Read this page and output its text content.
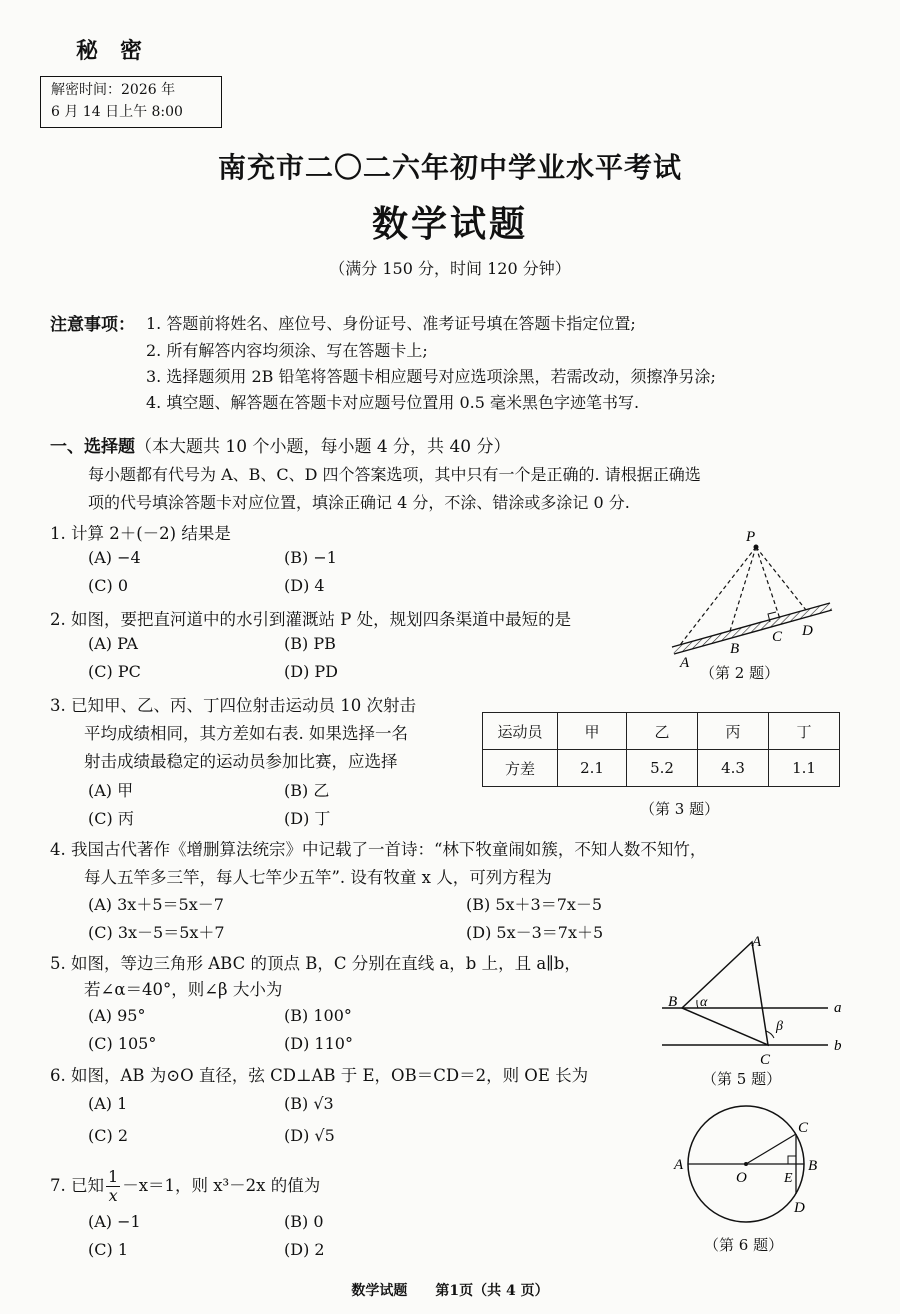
秘密
解密时间：2026 年
6 月 14 日上午 8:00
南充市二〇二六年初中学业水平考试
数学试题
（满分 150 分，时间 120 分钟）
注意事项： 1. 答题前将姓名、座位号、身份证号、准考证号填在答题卡指定位置;
2. 所有解答内容均须涂、写在答题卡上;
3. 选择题须用 2B 铅笔将答题卡相应题号对应选项涂黑，若需改动，须擦净另涂;
4. 填空题、解答题在答题卡对应题号位置用 0.5 毫米黑色字迹笔书写.
一、选择题（本大题共 10 个小题，每小题 4 分，共 40 分）
每小题都有代号为 A、B、C、D 四个答案选项，其中只有一个是正确的. 请根据正确选
项的代号填涂答题卡对应位置，填涂正确记 4 分，不涂、错涂或多涂记 0 分.
1. 计算 2＋(－2) 结果是
(A) −4	(B) −1
(C) 0	(D) 4
2. 如图，要把直河道中的水引到灌溉站 P 处，规划四条渠道中最短的是
(A) PA	(B) PB
(C) PC	(D) PD
P
A
B
C D
（第 2 题）
3. 已知甲、乙、丙、丁四位射击运动员 10 次射击
平均成绩相同，其方差如右表. 如果选择一名
射击成绩最稳定的运动员参加比赛，应选择
(A) 甲	(B) 乙
(C) 丙	(D) 丁
运动员	甲	乙	丙	丁
方差	2.1	5.2	4.3	1.1
（第 3 题）
4. 我国古代著作《增删算法统宗》中记载了一首诗：“林下牧童闹如簇，不知人数不知竹，
每人五竿多三竿，每人七竿少五竿”. 设有牧童 x 人，可列方程为
(A) 3x＋5＝5x－7	(B) 5x＋3＝7x－5
(C) 3x－5＝5x＋7	(D) 5x－3＝7x＋5
5. 如图，等边三角形 ABC 的顶点 B，C 分别在直线 a，b 上，且 a∥b，
若∠α＝40°，则∠β 大小为
(A) 95°	(B) 100°
(C) 105°	(D) 110°
A
B
C
a
b
α
β
（第 5 题）
6. 如图，AB 为⊙O 直径，弦 CD⊥AB 于 E，OB＝CD＝2，则 OE 长为
(A) 1	(B) √3
(C) 2	(D) √5
A
O	E
B
C
D
（第 6 题）
7. 已知 $\frac{1}{x} -x=1$，则 x³－2x 的值为
(A) −1	(B) 0
(C) 1	(D) 2
数学试题 第1页（共 4 页）
